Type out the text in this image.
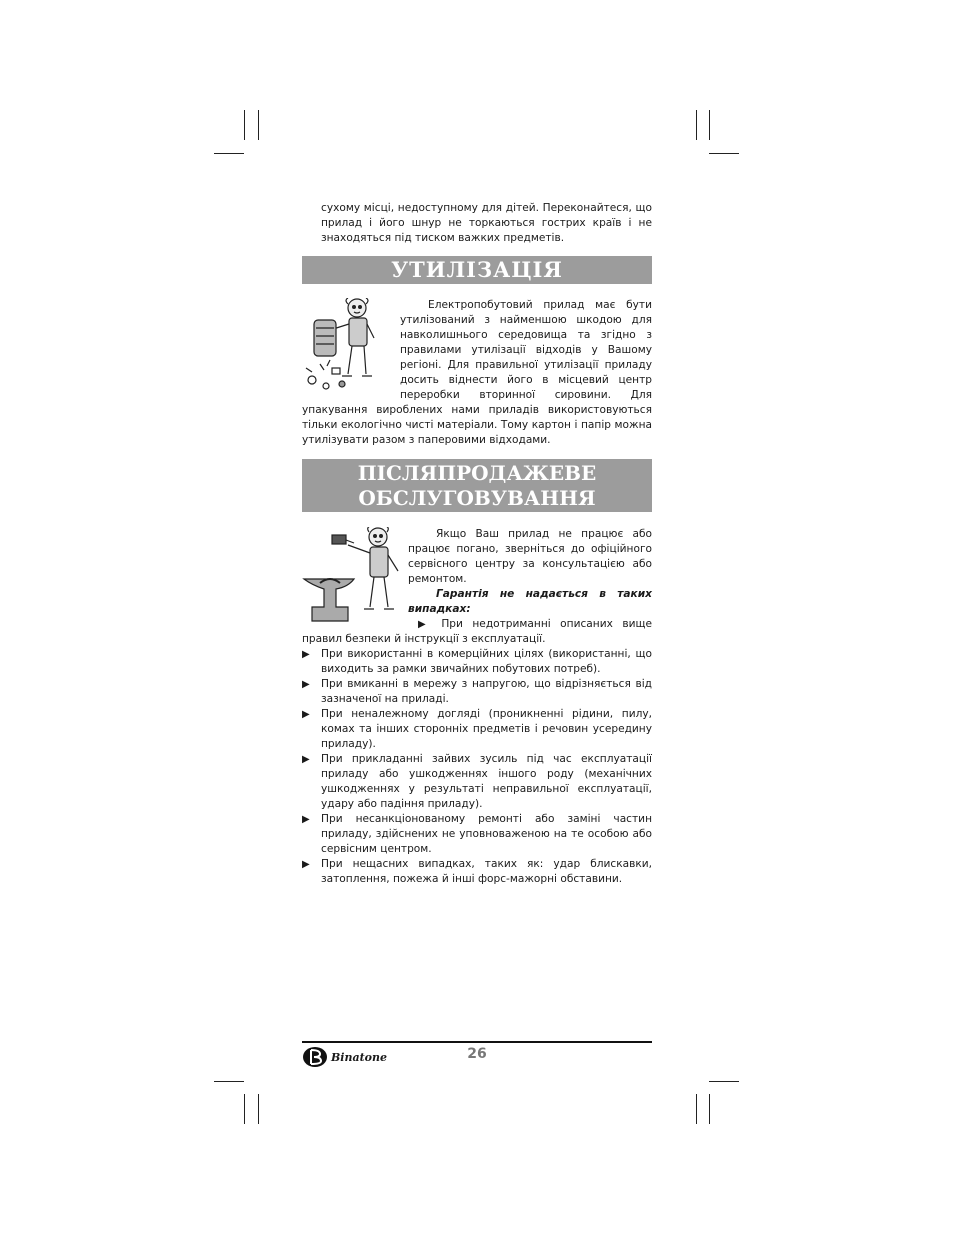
сухому місці, недоступному для дітей. Переконайтеся, що прилад і його шнур не торкаються гострих країв і не знаходяться під тиском важких предметів.

УТИЛІЗАЦІЯ

Електропобутовий прилад має бути утилізований з найменшою шкодою для навколишнього середовища та згідно з правилами утилізації відходів у Вашому регіоні. Для правильної утилізації приладу досить віднести його в місцевий центр переробки вторинної сировини. Для упакування вироблених нами приладів використовуються тільки екологічно чисті матеріали. Тому картон і папір можна утилізувати разом з паперовими відходами.

ПІСЛЯПРОДАЖЕВЕ
ОБСЛУГОВУВАННЯ

Якщо Ваш прилад не працює або працює погано, зверніться до офіційного сервісного центру за консультацією або ремонтом.

Гарантія не надається в таких випадках:

▶ При недотриманні описаних вище правил безпеки й інструкції з експлуатації.

▶	При використанні в комерційних цілях (використанні, що виходить за рамки звичайних побутових потреб).
▶	При вмиканні в мережу з напругою, що відрізняється від зазначеної на приладі.
▶	При неналежному догляді (проникненні рідини, пилу, комах та інших сторонніх предметів і речовин усередину приладу).
▶	При прикладанні зайвих зусиль під час експлуатації приладу або ушкодженнях іншого роду (механічних ушкодженнях у результаті неправильної експлуатації, удару або падіння приладу).
▶	При несанкціонованому ремонті або заміні частин приладу, здійснених не уповноваженою на те особою або сервісним центром.
▶	При нещасних випадках, таких як: удар блискавки, затоплення, пожежа й інші форс-мажорні обставини.
Binatone	26
